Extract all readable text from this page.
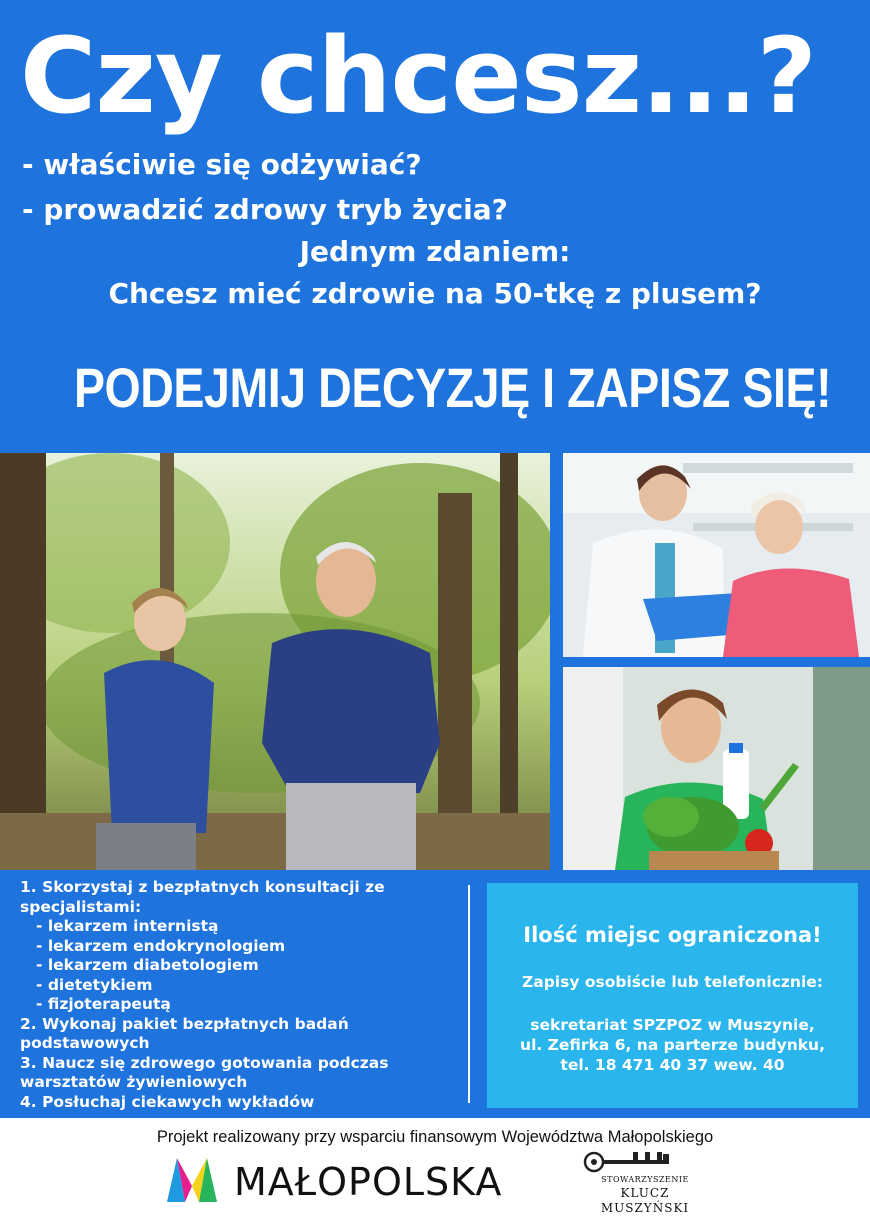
Czy chcesz...?
- właściwie się odżywiać?
- prowadzić zdrowy tryb życia?
Jednym zdaniem:
Chcesz mieć zdrowie na 50-tkę z plusem?
PODEJMIJ DECYZJĘ I ZAPISZ SIĘ!
1. Skorzystaj z bezpłatnych konsultacji ze specjalistami:
- lekarzem internistą
- lekarzem endokrynologiem
- lekarzem diabetologiem
- dietetykiem
- fizjoterapeutą
2. Wykonaj pakiet bezpłatnych badań podstawowych
3. Naucz się zdrowego gotowania podczas warsztatów żywieniowych
4. Posłuchaj ciekawych wykładów
Ilość miejsc ograniczona!
Zapisy osobiście lub telefonicznie:
sekretariat SPZPOZ w Muszynie,
ul. Zefirka 6, na parterze budynku,
tel. 18 471 40 37 wew. 40
Projekt realizowany przy wsparciu finansowym Województwa Małopolskiego
MAŁOPOLSKA	STOWARZYSZENIE
KLUCZ
MUSZYŃSKI
